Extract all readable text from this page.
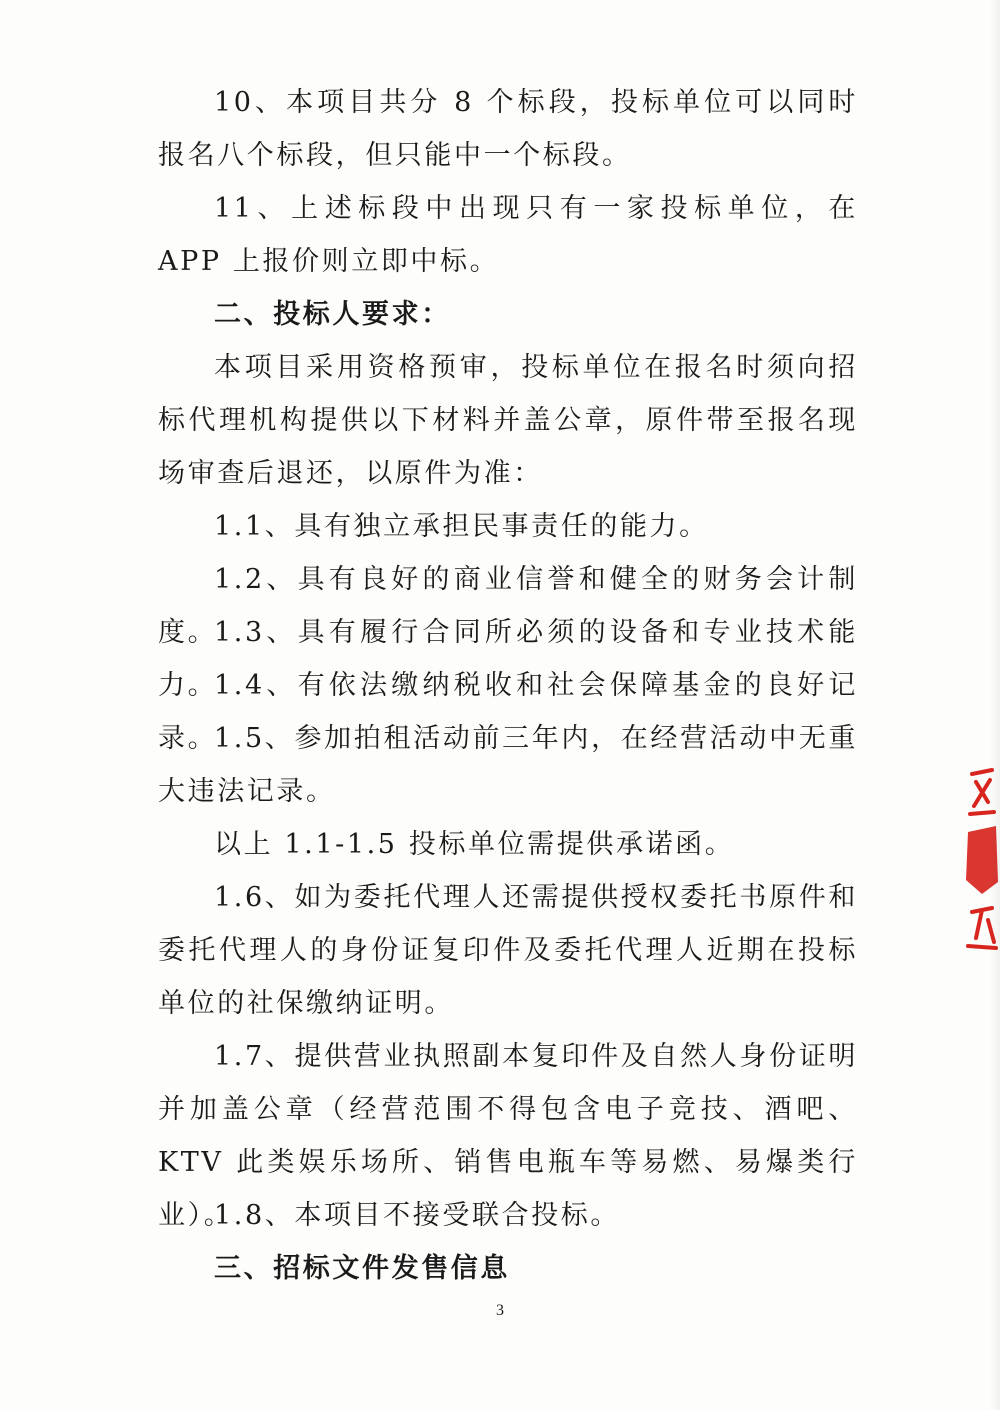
10、本项目共分 8 个标段，投标单位可以同时报名八个标段，但只能中一个标段。

11、上述标段中出现只有一家投标单位，在 APP 上报价则立即中标。

二、投标人要求：

本项目采用资格预审，投标单位在报名时须向招标代理机构提供以下材料并盖公章，原件带至报名现场审查后退还，以原件为准：

1.1、具有独立承担民事责任的能力。

1.2、具有良好的商业信誉和健全的财务会计制度。

1.3、具有履行合同所必须的设备和专业技术能力。

1.4、有依法缴纳税收和社会保障基金的良好记录。

1.5、参加拍租活动前三年内，在经营活动中无重大违法记录。

以上 1.1-1.5 投标单位需提供承诺函。

1.6、如为委托代理人还需提供授权委托书原件和委托代理人的身份证复印件及委托代理人近期在投标单位的社保缴纳证明。

1.7、提供营业执照副本复印件及自然人身份证明并加盖公章（经营范围不得包含电子竞技、酒吧、KTV 此类娱乐场所、销售电瓶车等易燃、易爆类行业）。

1.8、本项目不接受联合投标。

三、招标文件发售信息

3
